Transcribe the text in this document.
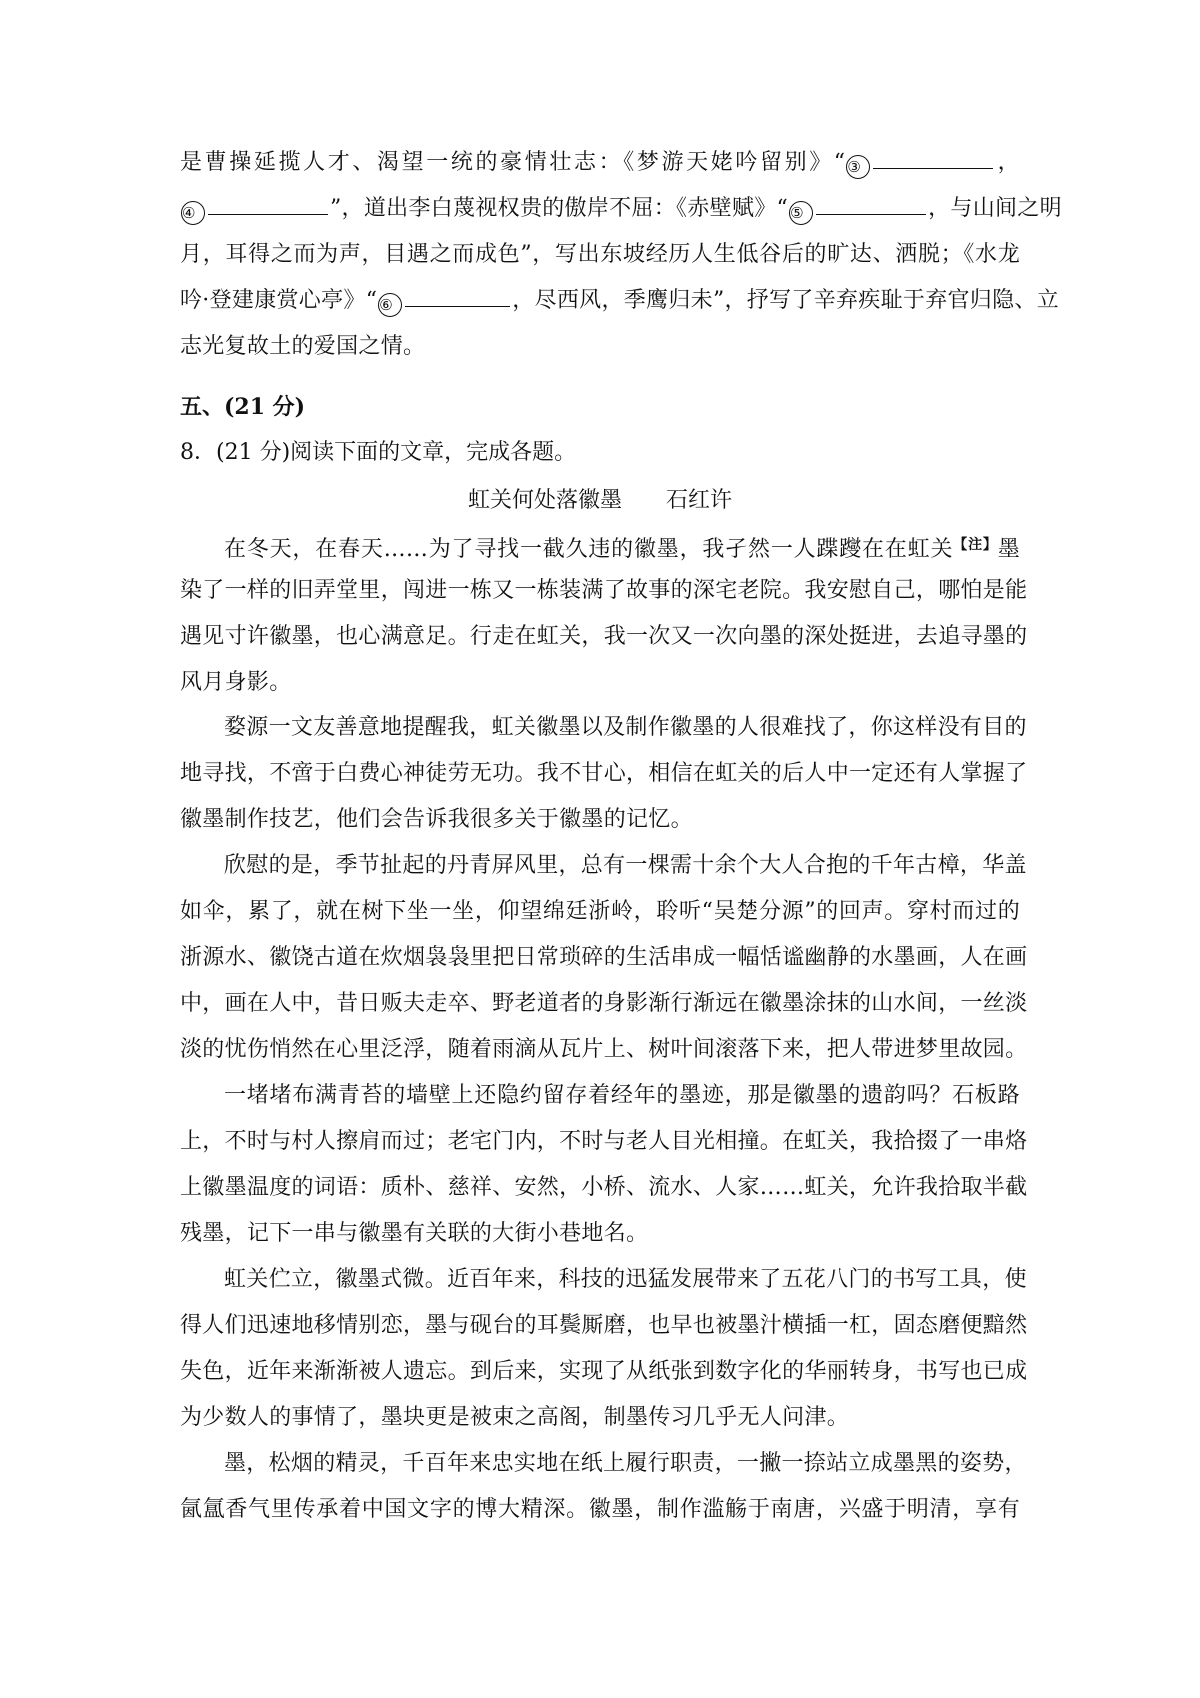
是曹操延揽人才、渴望一统的豪情壮志：《梦游天姥吟留别》“ ③	，
④	”，道出李白蔑视权贵的傲岸不屈：《赤壁赋》“ ⑤	，与山间之明
月，耳得之而为声，目遇之而成色”，写出东坡经历人生低谷后的旷达、洒脱；《水龙
吟·登建康赏心亭》“ ⑥	，尽西风，季鹰归未”，抒写了辛弃疾耻于弃官归隐、立
志光复故土的爱国之情。
五、(21 分)
8．(21 分)阅读下面的文章，完成各题。
虹关何处落徽墨 石红许
在冬天，在春天……为了寻找一截久违的徽墨，我孑然一人蹀躞在在虹关$^{【注】}$墨
染了一样的旧弄堂里，闯进一栋又一栋装满了故事的深宅老院。我安慰自己，哪怕是能
遇见寸许徽墨，也心满意足。行走在虹关，我一次又一次向墨的深处挺进，去追寻墨的
风月身影。
婺源一文友善意地提醒我，虹关徽墨以及制作徽墨的人很难找了，你这样没有目的
地寻找，不啻于白费心神徒劳无功。我不甘心，相信在虹关的后人中一定还有人掌握了
徽墨制作技艺，他们会告诉我很多关于徽墨的记忆。
欣慰的是，季节扯起的丹青屏风里，总有一棵需十余个大人合抱的千年古樟，华盖
如伞，累了，就在树下坐一坐，仰望绵廷浙岭，聆听“吴楚分源”的回声。穿村而过的
浙源水、徽饶古道在炊烟袅袅里把日常琐碎的生活串成一幅恬谧幽静的水墨画，人在画
中，画在人中，昔日贩夫走卒、野老道者的身影渐行渐远在徽墨涂抹的山水间，一丝淡
淡的忧伤悄然在心里泛浮，随着雨滴从瓦片上、树叶间滚落下来，把人带进梦里故园。
一堵堵布满青苔的墙壁上还隐约留存着经年的墨迹，那是徽墨的遗韵吗？石板路
上，不时与村人擦肩而过；老宅门内，不时与老人目光相撞。在虹关，我拾掇了一串烙
上徽墨温度的词语：质朴、慈祥、安然，小桥、流水、人家……虹关，允许我拾取半截
残墨，记下一串与徽墨有关联的大街小巷地名。
虹关伫立，徽墨式微。近百年来，科技的迅猛发展带来了五花八门的书写工具，使
得人们迅速地移情别恋，墨与砚台的耳鬓厮磨，也早也被墨汁横插一杠，固态磨便黯然
失色，近年来渐渐被人遗忘。到后来，实现了从纸张到数字化的华丽转身，书写也已成
为少数人的事情了，墨块更是被束之高阁，制墨传习几乎无人问津。
墨，松烟的精灵，千百年来忠实地在纸上履行职责，一撇一捺站立成墨黑的姿势，
氤氲香气里传承着中国文字的博大精深。徽墨，制作滥觞于南唐，兴盛于明清，享有
